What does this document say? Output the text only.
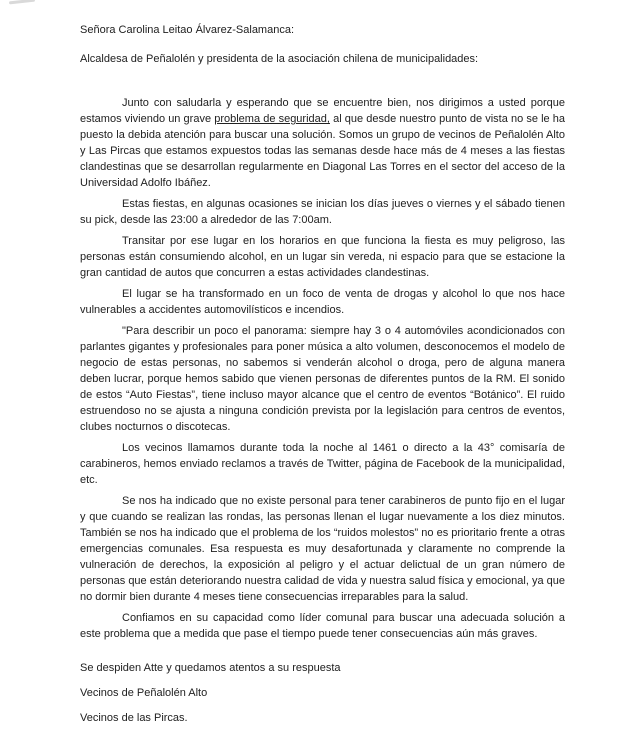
Señora Carolina Leitao Álvarez-Salamanca:
Alcaldesa de Peñalolén y presidenta de la asociación chilena de municipalidades:

Junto con saludarla y esperando que se encuentre bien, nos dirigimos a usted porque estamos viviendo un grave problema de seguridad, al que desde nuestro punto de vista no se le ha puesto la debida atención para buscar una solución. Somos un grupo de vecinos de Peñalolén Alto y Las Pircas que estamos expuestos todas las semanas desde hace más de 4 meses a las fiestas clandestinas que se desarrollan regularmente en Diagonal Las Torres en el sector del acceso de la Universidad Adolfo Ibáñez.

Estas fiestas, en algunas ocasiones se inician los días jueves o viernes y el sábado tienen su pick, desde las 23:00 a alrededor de las 7:00am.

Transitar por ese lugar en los horarios en que funciona la fiesta es muy peligroso, las personas están consumiendo alcohol, en un lugar sin vereda, ni espacio para que se estacione la gran cantidad de autos que concurren a estas actividades clandestinas.

El lugar se ha transformado en un foco de venta de drogas y alcohol lo que nos hace vulnerables a accidentes automovilísticos e incendios.

"Para describir un poco el panorama: siempre hay 3 o 4 automóviles acondicionados con parlantes gigantes y profesionales para poner música a alto volumen, desconocemos el modelo de negocio de estas personas, no sabemos si venderán alcohol o droga, pero de alguna manera deben lucrar, porque hemos sabido que vienen personas de diferentes puntos de la RM. El sonido de estos “Auto Fiestas”, tiene incluso mayor alcance que el centro de eventos “Botánico”. El ruido estruendoso no se ajusta a ninguna condición prevista por la legislación para centros de eventos, clubes nocturnos o discotecas.

Los vecinos llamamos durante toda la noche al 1461 o directo a la 43° comisaría de carabineros, hemos enviado reclamos a través de Twitter, página de Facebook de la municipalidad, etc.

Se nos ha indicado que no existe personal para tener carabineros de punto fijo en el lugar y que cuando se realizan las rondas, las personas llenan el lugar nuevamente a los diez minutos. También se nos ha indicado que el problema de los “ruidos molestos” no es prioritario frente a otras emergencias comunales. Esa respuesta es muy desafortunada y claramente no comprende la vulneración de derechos, la exposición al peligro y el actuar delictual de un gran número de personas que están deteriorando nuestra calidad de vida y nuestra salud física y emocional, ya que no dormir bien durante 4 meses tiene consecuencias irreparables para la salud.

Confiamos en su capacidad como líder comunal para buscar una adecuada solución a este problema que a medida que pase el tiempo puede tener consecuencias aún más graves.

Se despiden Atte y quedamos atentos a su respuesta

Vecinos de Peñalolén Alto

Vecinos de las Pircas.
